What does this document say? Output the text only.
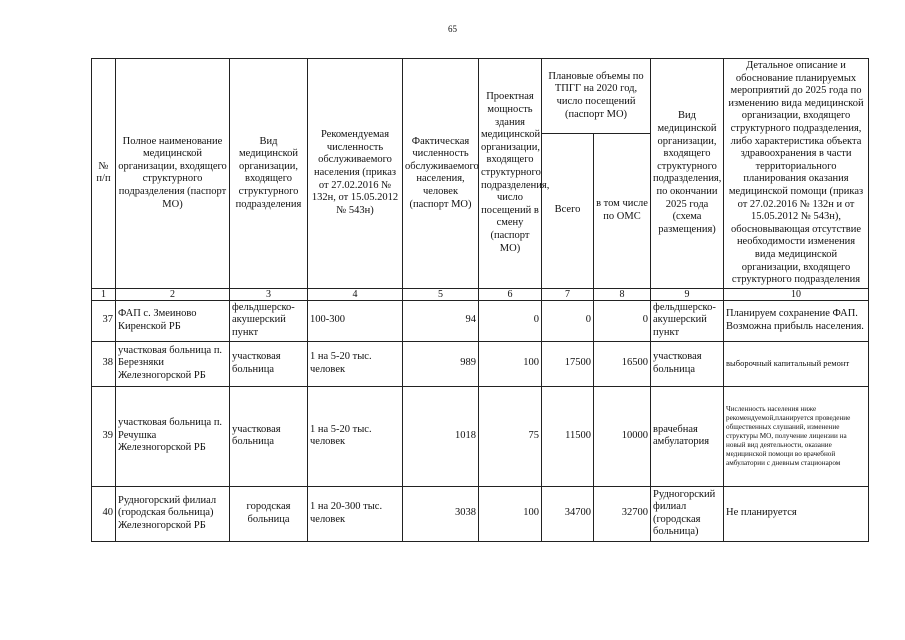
65
№ п/п	Полное наименование медицинской организации, входящего структурного подразделения (паспорт МО)	Вид медицинской организации, входящего структурного подразделения	Рекомендуемая численность обслуживаемого населения (приказ от 27.02.2016 № 132н, от 15.05.2012 № 543н)	Фактическая численность обслуживаемого населения, человек (паспорт МО)	Проектная мощность здания медицинской организации, входящего структурного подразделения, число посещений в смену (паспорт МО)	Плановые объемы по ТПГГ на 2020 год, число посещений (паспорт МО)		Вид медицинской организации, входящего структурного подразделения, по окончании 2025 года (схема размещения)	Детальное описание и обоснование планируемых мероприятий до 2025 года по изменению вида медицинской организации, входящего структурного подразделения, либо характеристика объекта здравоохранения в части территориального планирования оказания медицинской помощи (приказ от 27.02.2016 № 132н и от 15.05.2012 № 543н), обосновывающая отсутствие необходимости изменения вида медицинской организации, входящего структурного подразделения
						Всего	в том числе по ОМС		
1	2	3	4	5	6	7	8	9	10
37	ФАП с. Змеиново Киренской РБ	фельдшерско-акушерский пункт	100-300	94	0	0	0	фельдшерско-акушерский пункт	Планируем сохранение ФАП. Возможна прибыль населения.
38	участковая больница п. Березняки Железногорской РБ	участковая больница	1 на 5-20 тыс. человек	989	100	17500	16500	участковая больница	выборочный капитальный ремонт
39	участковая больница п. Речушка Железногорской РБ	участковая больница	1 на 5-20 тыс. человек	1018	75	11500	10000	врачебная амбулатория	Численность населения ниже рекомендуемой,планируется проведение общественных слушаний, изменение структуры МО, получение лицензии на новый вид деятельности, оказание медицинской помощи во врачебной амбулатории с дневным стационаром
40	Рудногорский филиал (городская больница) Железногорской РБ	городская больница	1 на 20-300 тыс. человек	3038	100	34700	32700	Рудногорский филиал (городская больница)	Не планируется
